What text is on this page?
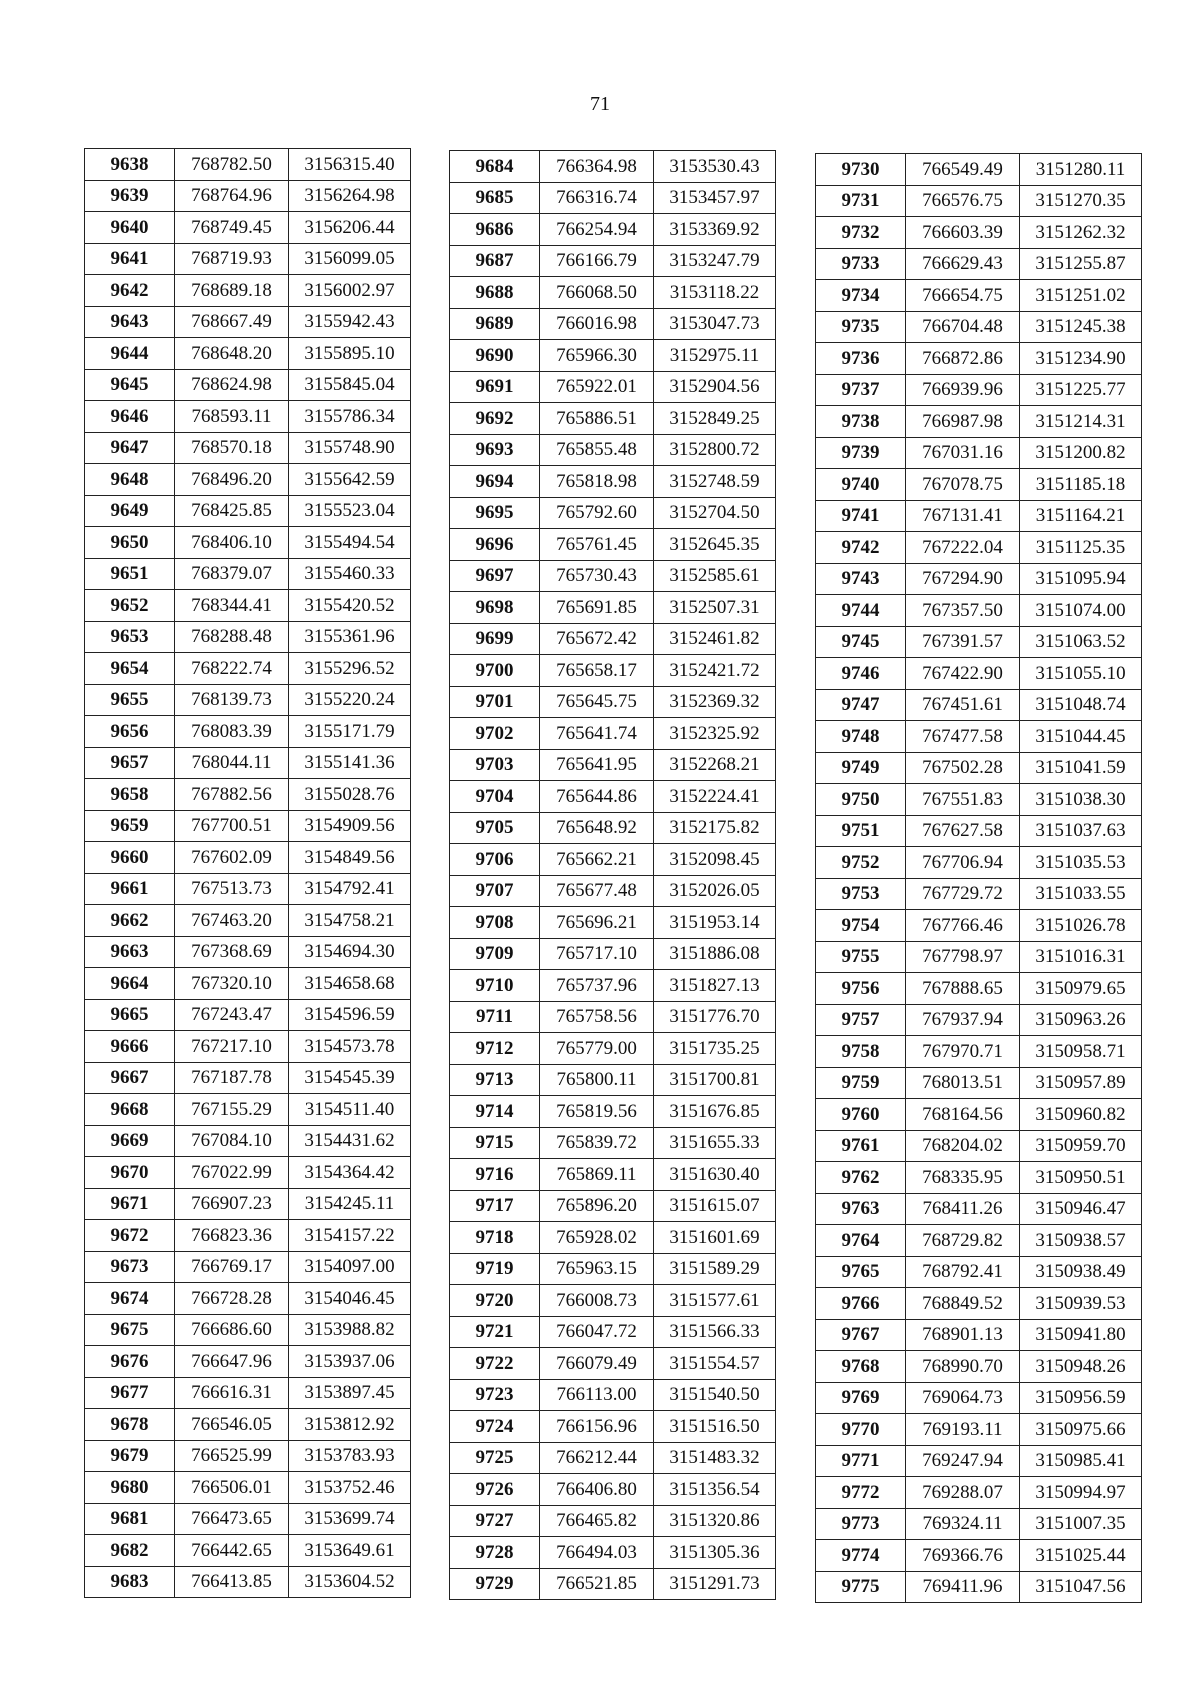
71
9638	768782.50	3156315.40
9639	768764.96	3156264.98
9640	768749.45	3156206.44
9641	768719.93	3156099.05
9642	768689.18	3156002.97
9643	768667.49	3155942.43
9644	768648.20	3155895.10
9645	768624.98	3155845.04
9646	768593.11	3155786.34
9647	768570.18	3155748.90
9648	768496.20	3155642.59
9649	768425.85	3155523.04
9650	768406.10	3155494.54
9651	768379.07	3155460.33
9652	768344.41	3155420.52
9653	768288.48	3155361.96
9654	768222.74	3155296.52
9655	768139.73	3155220.24
9656	768083.39	3155171.79
9657	768044.11	3155141.36
9658	767882.56	3155028.76
9659	767700.51	3154909.56
9660	767602.09	3154849.56
9661	767513.73	3154792.41
9662	767463.20	3154758.21
9663	767368.69	3154694.30
9664	767320.10	3154658.68
9665	767243.47	3154596.59
9666	767217.10	3154573.78
9667	767187.78	3154545.39
9668	767155.29	3154511.40
9669	767084.10	3154431.62
9670	767022.99	3154364.42
9671	766907.23	3154245.11
9672	766823.36	3154157.22
9673	766769.17	3154097.00
9674	766728.28	3154046.45
9675	766686.60	3153988.82
9676	766647.96	3153937.06
9677	766616.31	3153897.45
9678	766546.05	3153812.92
9679	766525.99	3153783.93
9680	766506.01	3153752.46
9681	766473.65	3153699.74
9682	766442.65	3153649.61
9683	766413.85	3153604.52
9684	766364.98	3153530.43
9685	766316.74	3153457.97
9686	766254.94	3153369.92
9687	766166.79	3153247.79
9688	766068.50	3153118.22
9689	766016.98	3153047.73
9690	765966.30	3152975.11
9691	765922.01	3152904.56
9692	765886.51	3152849.25
9693	765855.48	3152800.72
9694	765818.98	3152748.59
9695	765792.60	3152704.50
9696	765761.45	3152645.35
9697	765730.43	3152585.61
9698	765691.85	3152507.31
9699	765672.42	3152461.82
9700	765658.17	3152421.72
9701	765645.75	3152369.32
9702	765641.74	3152325.92
9703	765641.95	3152268.21
9704	765644.86	3152224.41
9705	765648.92	3152175.82
9706	765662.21	3152098.45
9707	765677.48	3152026.05
9708	765696.21	3151953.14
9709	765717.10	3151886.08
9710	765737.96	3151827.13
9711	765758.56	3151776.70
9712	765779.00	3151735.25
9713	765800.11	3151700.81
9714	765819.56	3151676.85
9715	765839.72	3151655.33
9716	765869.11	3151630.40
9717	765896.20	3151615.07
9718	765928.02	3151601.69
9719	765963.15	3151589.29
9720	766008.73	3151577.61
9721	766047.72	3151566.33
9722	766079.49	3151554.57
9723	766113.00	3151540.50
9724	766156.96	3151516.50
9725	766212.44	3151483.32
9726	766406.80	3151356.54
9727	766465.82	3151320.86
9728	766494.03	3151305.36
9729	766521.85	3151291.73
9730	766549.49	3151280.11
9731	766576.75	3151270.35
9732	766603.39	3151262.32
9733	766629.43	3151255.87
9734	766654.75	3151251.02
9735	766704.48	3151245.38
9736	766872.86	3151234.90
9737	766939.96	3151225.77
9738	766987.98	3151214.31
9739	767031.16	3151200.82
9740	767078.75	3151185.18
9741	767131.41	3151164.21
9742	767222.04	3151125.35
9743	767294.90	3151095.94
9744	767357.50	3151074.00
9745	767391.57	3151063.52
9746	767422.90	3151055.10
9747	767451.61	3151048.74
9748	767477.58	3151044.45
9749	767502.28	3151041.59
9750	767551.83	3151038.30
9751	767627.58	3151037.63
9752	767706.94	3151035.53
9753	767729.72	3151033.55
9754	767766.46	3151026.78
9755	767798.97	3151016.31
9756	767888.65	3150979.65
9757	767937.94	3150963.26
9758	767970.71	3150958.71
9759	768013.51	3150957.89
9760	768164.56	3150960.82
9761	768204.02	3150959.70
9762	768335.95	3150950.51
9763	768411.26	3150946.47
9764	768729.82	3150938.57
9765	768792.41	3150938.49
9766	768849.52	3150939.53
9767	768901.13	3150941.80
9768	768990.70	3150948.26
9769	769064.73	3150956.59
9770	769193.11	3150975.66
9771	769247.94	3150985.41
9772	769288.07	3150994.97
9773	769324.11	3151007.35
9774	769366.76	3151025.44
9775	769411.96	3151047.56
